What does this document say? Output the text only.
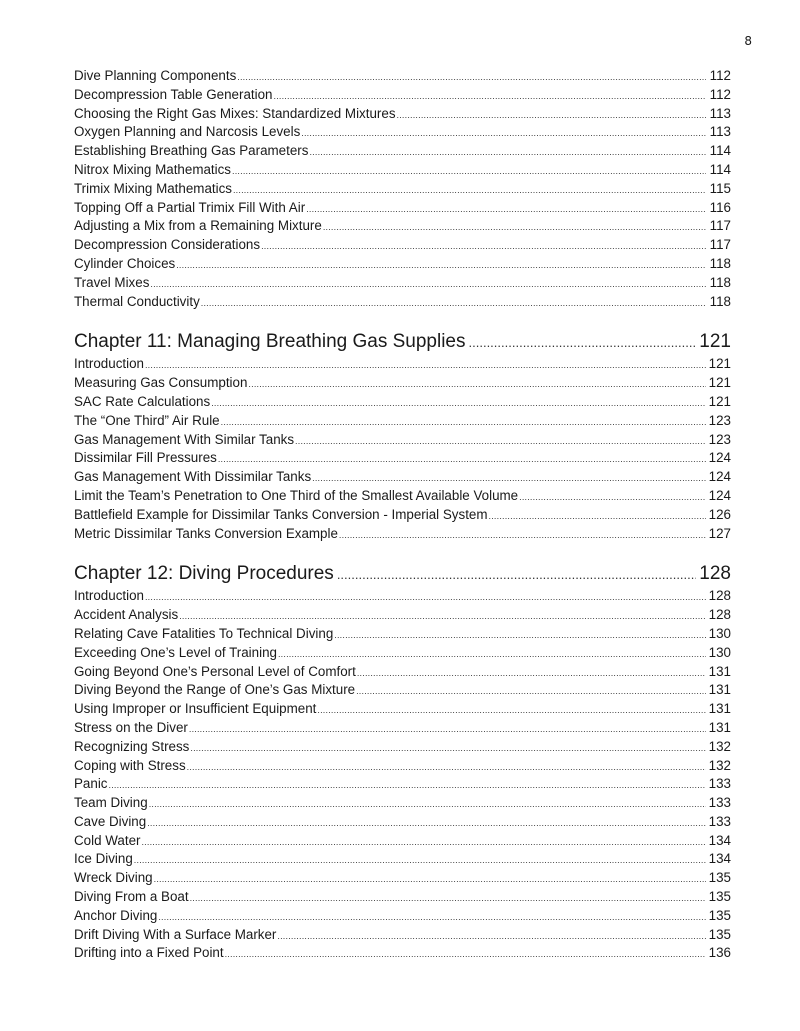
8
Dive Planning Components .....	112
Decompression Table Generation .....	112
Choosing the Right Gas Mixes: Standardized Mixtures .....	113
Oxygen Planning and Narcosis Levels .....	113
Establishing Breathing Gas Parameters .....	114
Nitrox Mixing Mathematics .....	114
Trimix Mixing Mathematics .....	115
Topping Off a Partial Trimix Fill With Air .....	116
Adjusting a Mix from a Remaining Mixture .....	117
Decompression Considerations .....	117
Cylinder Choices .....	118
Travel Mixes .....	118
Thermal Conductivity .....	118
Chapter 11: Managing Breathing Gas Supplies .....	121
Introduction .....	121
Measuring Gas Consumption .....	121
SAC Rate Calculations .....	121
The “One Third” Air Rule .....	123
Gas Management With Similar Tanks .....	123
Dissimilar Fill Pressures .....	124
Gas Management With Dissimilar Tanks .....	124
Limit the Team’s Penetration to One Third of the Smallest Available Volume .....	124
Battlefield Example for Dissimilar Tanks Conversion - Imperial System .....	126
Metric Dissimilar Tanks Conversion Example .....	127
Chapter 12: Diving Procedures .....	128
Introduction .....	128
Accident Analysis .....	128
Relating Cave Fatalities To Technical Diving .....	130
Exceeding One’s Level of Training .....	130
Going Beyond One’s Personal Level of Comfort .....	131
Diving Beyond the Range of One’s Gas Mixture .....	131
Using Improper or Insufficient Equipment .....	131
Stress on the Diver .....	131
Recognizing Stress .....	132
Coping with Stress .....	132
Panic .....	133
Team Diving .....	133
Cave Diving .....	133
Cold Water .....	134
Ice Diving .....	134
Wreck Diving .....	135
Diving From a Boat .....	135
Anchor Diving .....	135
Drift Diving With a Surface Marker .....	135
Drifting into a Fixed Point .....	136
